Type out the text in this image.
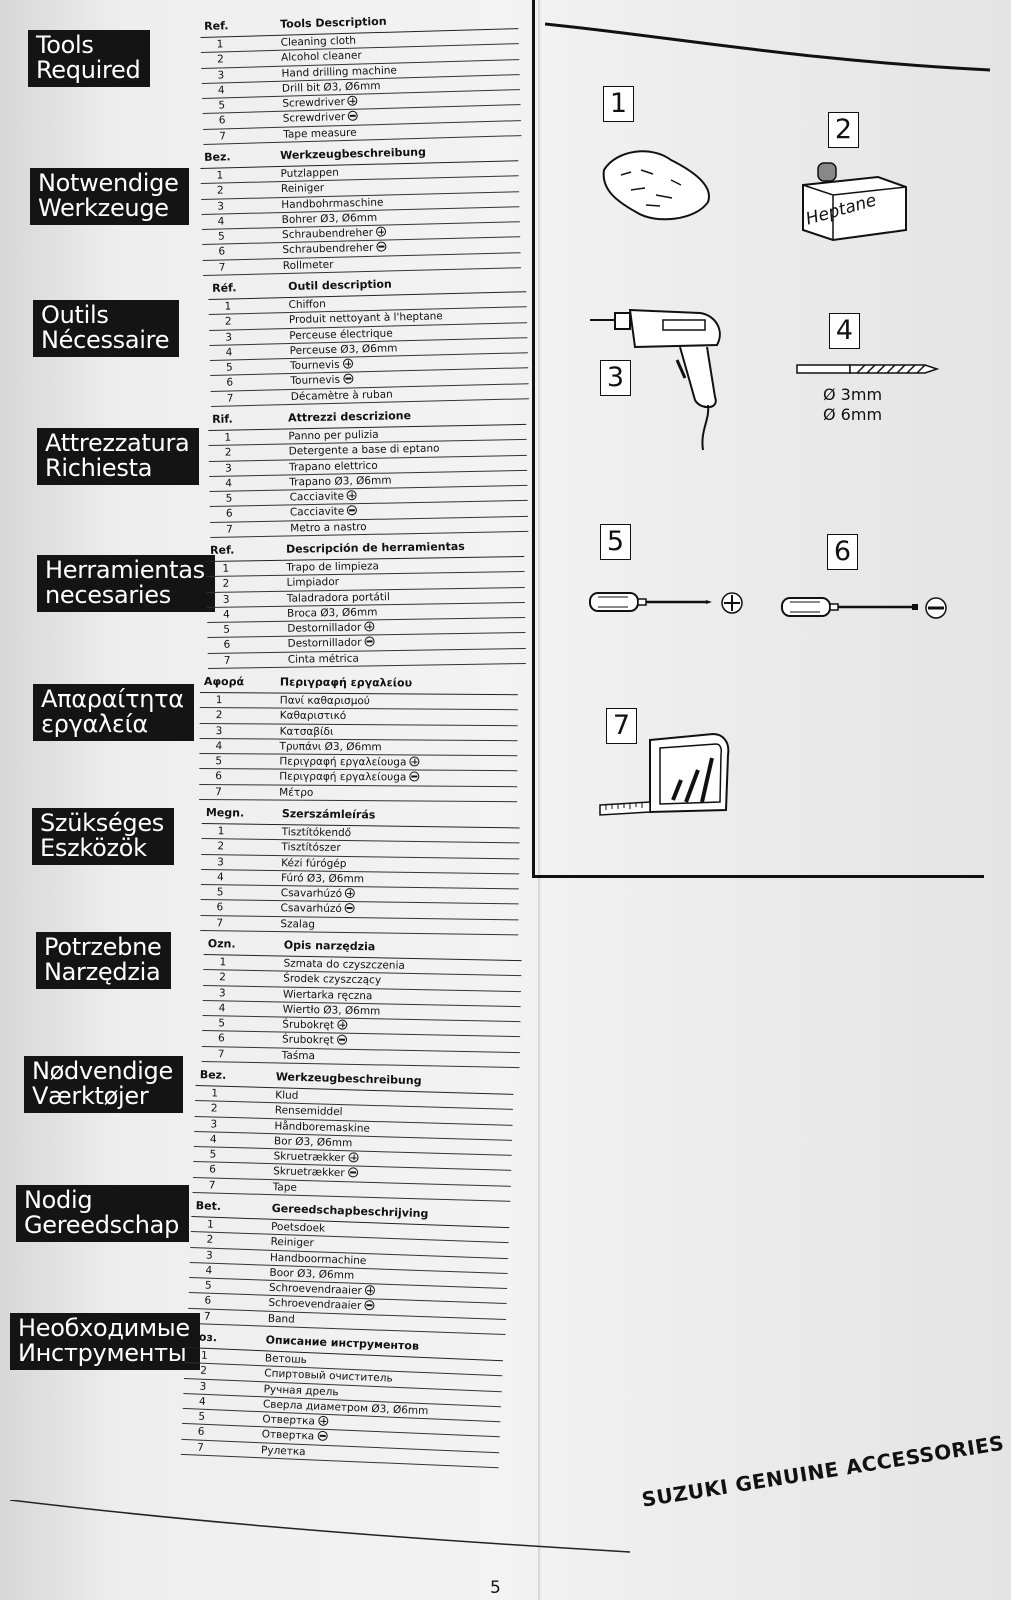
Tools
Required
Ref.	Tools Description
1	Cleaning cloth
2	Alcohol cleaner
3	Hand drilling machine
4	Drill bit Ø3, Ø6mm
5	Screwdriver
6	Screwdriver
7	Tape measure
Notwendige
Werkzeuge
Bez.	Werkzeugbeschreibung
1	Putzlappen
2	Reiniger
3	Handbohrmaschine
4	Bohrer Ø3, Ø6mm
5	Schraubendreher
6	Schraubendreher
7	Rollmeter
Outils
Nécessaire
Réf.	Outil description
1	Chiffon
2	Produit nettoyant à l'heptane
3	Perceuse électrique
4	Perceuse Ø3, Ø6mm
5	Tournevis
6	Tournevis
7	Décamètre à ruban
Attrezzatura
Richiesta
Rif.	Attrezzi descrizione
1	Panno per pulizia
2	Detergente a base di eptano
3	Trapano elettrico
4	Trapano Ø3, Ø6mm
5	Cacciavite
6	Cacciavite
7	Metro a nastro
Herramientas
necesaries
Ref.	Descripción de herramientas
1	Trapo de limpieza
2	Limpiador
3	Taladradora portátil
4	Broca Ø3, Ø6mm
5	Destornillador
6	Destornillador
7	Cinta métrica
Απαραίτητα
εργαλεία
Αφορά	Περιγραφή εργαλείου
1	Πανί καθαρισμού
2	Καθαριστικό
3	Κατσαβίδι
4	Τρυπάνι Ø3, Ø6mm
5	Περιγραφή εργαλείουga
6	Περιγραφή εργαλείουga
7	Μέτρο
Szükséges
Eszközök
Megn.	Szerszámleírás
1	Tisztítókendő
2	Tisztítószer
3	Kézi fúrógép
4	Fúró Ø3, Ø6mm
5	Csavarhúzó
6	Csavarhúzó
7	Szalag
Potrzebne
Narzędzia
Ozn.	Opis narzędzia
1	Szmata do czyszczenia
2	Środek czyszczący
3	Wiertarka ręczna
4	Wiertło Ø3, Ø6mm
5	Śrubokręt
6	Śrubokręt
7	Taśma
Nødvendige
Værktøjer
Bez.	Werkzeugbeschreibung
1	Klud
2	Rensemiddel
3	Håndboremaskine
4	Bor Ø3, Ø6mm
5	Skruetrækker
6	Skruetrækker
7	Tape
Nodig
Gereedschap
Bet.	Gereedschapbeschrijving
1	Poetsdoek
2	Reiniger
3	Handboormachine
4	Boor Ø3, Ø6mm
5	Schroevendraaier
6	Schroevendraaier
7	Band
Необходимые
Инструменты
Поз.	Описание инструментов
1	Ветошь
2	Спиртовый очиститель
3	Ручная дрель
4	Сверла диаметром Ø3, Ø6mm
5	Отвертка
6	Отвертка
7	Рулетка
1
2
Heptane
3
4
Ø 3mm
Ø 6mm
5	6
7
SUZUKI GENUINE ACCESSORIES
5
